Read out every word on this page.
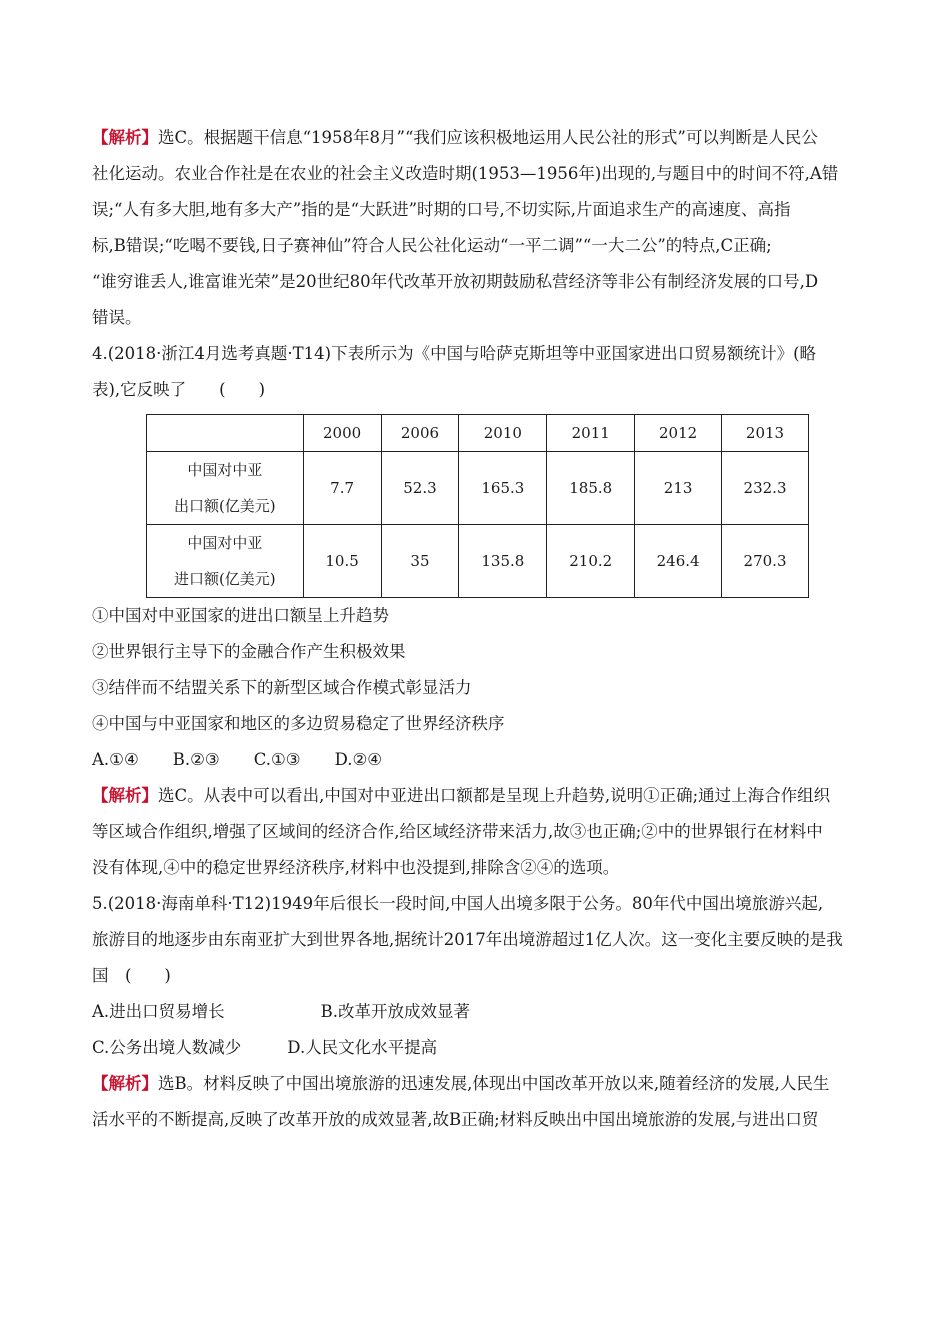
【解析】选C。根据题干信息“1958年8月”“我们应该积极地运用人民公社的形式”可以判断是人民公
社化运动。农业合作社是在农业的社会主义改造时期(1953—1956年)出现的,与题目中的时间不符,A错
误;“人有多大胆,地有多大产”指的是“大跃进”时期的口号,不切实际,片面追求生产的高速度、高指
标,B错误;“吃喝不要钱,日子赛神仙”符合人民公社化运动“一平二调”“一大二公”的特点,C正确;
“谁穷谁丢人,谁富谁光荣”是20世纪80年代改革开放初期鼓励私营经济等非公有制经济发展的口号,D
错误。
4.(2018·浙江4月选考真题·T14)下表所示为《中国与哈萨克斯坦等中亚国家进出口贸易额统计》(略
表),它反映了　　(　　)
	2000	2006	2010	2011	2012	2013

中国对中亚
出口额(亿美元)	7.7	52.3	165.3	185.8	213	232.3

中国对中亚
进口额(亿美元)	10.5	35	135.8	210.2	246.4	270.3
①中国对中亚国家的进出口额呈上升趋势
②世界银行主导下的金融合作产生积极效果
③结伴而不结盟关系下的新型区域合作模式彰显活力
④中国与中亚国家和地区的多边贸易稳定了世界经济秩序
A.①④ B.②③ C.①③ D.②④
【解析】选C。从表中可以看出,中国对中亚进出口额都是呈现上升趋势,说明①正确;通过上海合作组织
等区域合作组织,增强了区域间的经济合作,给区域经济带来活力,故③也正确;②中的世界银行在材料中
没有体现,④中的稳定世界经济秩序,材料中也没提到,排除含②④的选项。
5.(2018·海南单科·T12)1949年后很长一段时间,中国人出境多限于公务。80年代中国出境旅游兴起,
旅游目的地逐步由东南亚扩大到世界各地,据统计2017年出境游超过1亿人次。这一变化主要反映的是我
国　(　　)
A.进出口贸易增长	B.改革开放成效显著
C.公务出境人数减少	D.人民文化水平提高
【解析】选B。材料反映了中国出境旅游的迅速发展,体现出中国改革开放以来,随着经济的发展,人民生
活水平的不断提高,反映了改革开放的成效显著,故B正确;材料反映出中国出境旅游的发展,与进出口贸
